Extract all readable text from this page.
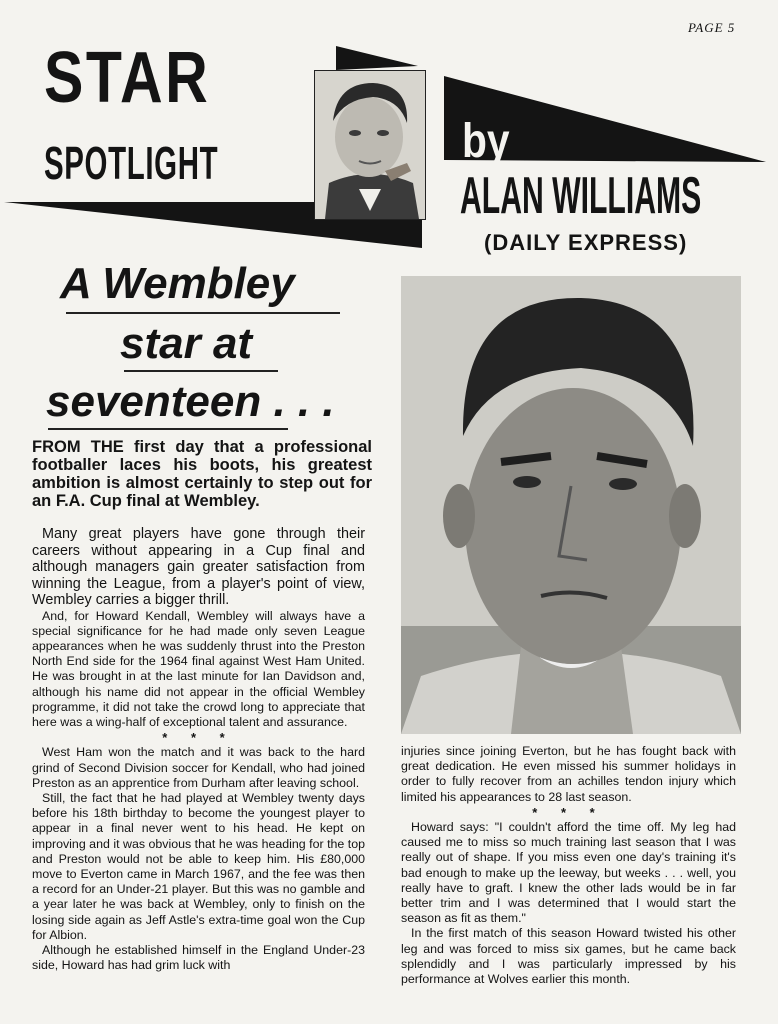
PAGE 5
STAR
SPOTLIGHT	by
ALAN WILLIAMS
(DAILY EXPRESS)
A Wembley
star at
seventeen . . .
FROM THE first day that a professional footballer laces his boots, his greatest ambition is almost certainly to step out for an F.A. Cup final at Wembley.

Many great players have gone through their careers without appearing in a Cup final and although managers gain greater satisfaction from winning the League, from a player's point of view, Wembley carries a bigger thrill.

And, for Howard Kendall, Wembley will always have a special significance for he had made only seven League appearances when he was suddenly thrust into the Preston North End side for the 1964 final against West Ham United. He was brought in at the last minute for Ian Davidson and, although his name did not appear in the official Wembley programme, it did not take the crowd long to appreciate that here was a wing-half of exceptional talent and assurance.

* * *

West Ham won the match and it was back to the hard grind of Second Division soccer for Kendall, who had joined Preston as an apprentice from Durham after leaving school.

Still, the fact that he had played at Wembley twenty days before his 18th birthday to become the youngest player to appear in a final never went to his head. He kept on improving and it was obvious that he was heading for the top and Preston would not be able to keep him. His £80,000 move to Everton came in March 1967, and the fee was then a record for an Under-21 player. But this was no gamble and a year later he was back at Wembley, only to finish on the losing side again as Jeff Astle's extra-time goal won the Cup for Albion.

Although he established himself in the England Under-23 side, Howard has had grim luck with

injuries since joining Everton, but he has fought back with great dedication. He even missed his summer holidays in order to fully recover from an achilles tendon injury which limited his appearances to 28 last season.

* * *

Howard says: "I couldn't afford the time off. My leg had caused me to miss so much training last season that I was really out of shape. If you miss even one day's training it's bad enough to make up the leeway, but weeks . . . well, you really have to graft. I knew the other lads would be in far better trim and I was determined that I would start the season as fit as them."

In the first match of this season Howard twisted his other leg and was forced to miss six games, but he came back splendidly and I was particularly impressed by his performance at Wolves earlier this month.
